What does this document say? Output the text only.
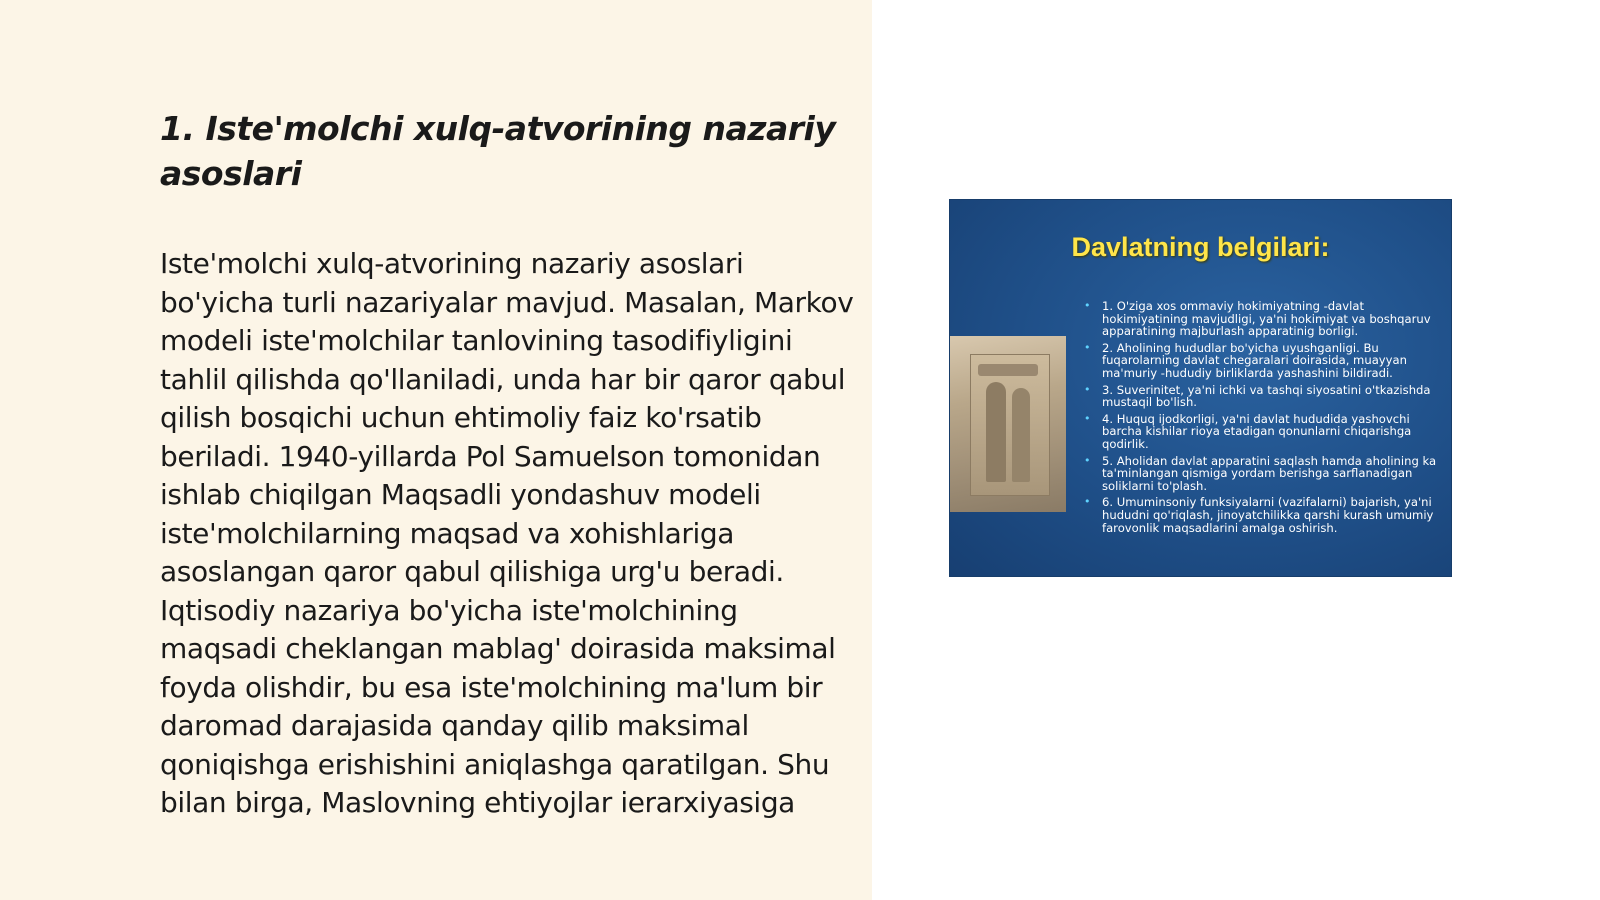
1. Iste'molchi xulq-atvorining nazariy asoslari

Iste'molchi xulq-atvorining nazariy asoslari bo'yicha turli nazariyalar mavjud. Masalan, Markov modeli iste'molchilar tanlovining tasodifiyligini tahlil qilishda qo'llaniladi, unda har bir qaror qabul qilish bosqichi uchun ehtimoliy faiz ko'rsatib beriladi. 1940-yillarda Pol Samuelson tomonidan ishlab chiqilgan Maqsadli yondashuv modeli iste'molchilarning maqsad va xohishlariga asoslangan qaror qabul qilishiga urg'u beradi. Iqtisodiy nazariya bo'yicha iste'molchining maqsadi cheklangan mablag' doirasida maksimal foyda olishdir, bu esa iste'molchining ma'lum bir daromad darajasida qanday qilib maksimal qoniqishga erishishini aniqlashga qaratilgan. Shu bilan birga, Maslovning ehtiyojlar ierarxiyasiga

Davlatning belgilari:
• 1. O'ziga xos ommaviy hokimiyatning -davlat hokimiyatining mavjudligi, ya'ni hokimiyat va boshqaruv apparatining majburlash apparatinig borligi.
• 2. Aholining hududlar bo'yicha uyushganligi. Bu fuqarolarning davlat chegaralari doirasida, muayyan ma'muriy -hududiy birliklarda yashashini bildiradi.
• 3. Suverinitet, ya'ni ichki va tashqi siyosatini o'tkazishda mustaqil bo'lish.
• 4. Huquq ijodkorligi, ya'ni davlat hududida yashovchi barcha kishilar rioya etadigan qonunlarni chiqarishga qodirlik.
• 5. Aholidan davlat apparatini saqlash hamda aholining ka ta'minlangan qismiga yordam berishga sarflanadigan soliklarni to'plash.
• 6. Umuminsoniy funksiyalarni (vazifalarni) bajarish, ya'ni hududni qo'riqlash, jinoyatchilikka qarshi kurash umumiy farovonlik maqsadlarini amalga oshirish.
